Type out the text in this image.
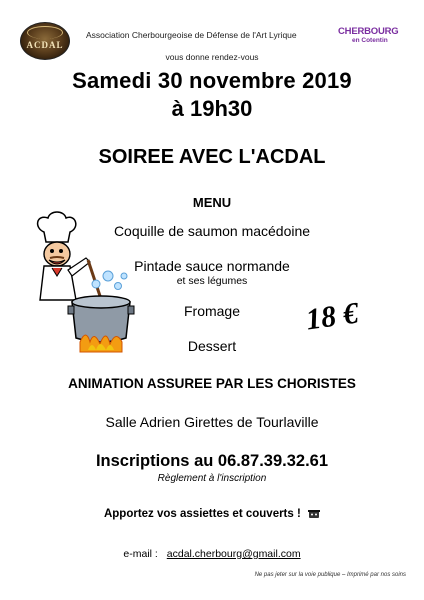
ACDAL
Association Cherbourgeoise de Défense de l'Art Lyrique	CHERBOURG
en Cotentin
vous donne rendez-vous
Samedi 30 novembre 2019
à 19h30
SOIREE AVEC L'ACDAL
MENU
Coquille de saumon macédoine
Pintade sauce normande
et ses légumes
Fromage
Dessert
18 €
ANIMATION ASSUREE PAR LES CHORISTES
Salle Adrien Girettes de Tourlaville
Inscriptions au 06.87.39.32.61
Règlement à l'inscription
Apportez vos assiettes et couverts !
e-mail : acdal.cherbourg@gmail.com
Ne pas jeter sur la voie publique – Imprimé par nos soins
